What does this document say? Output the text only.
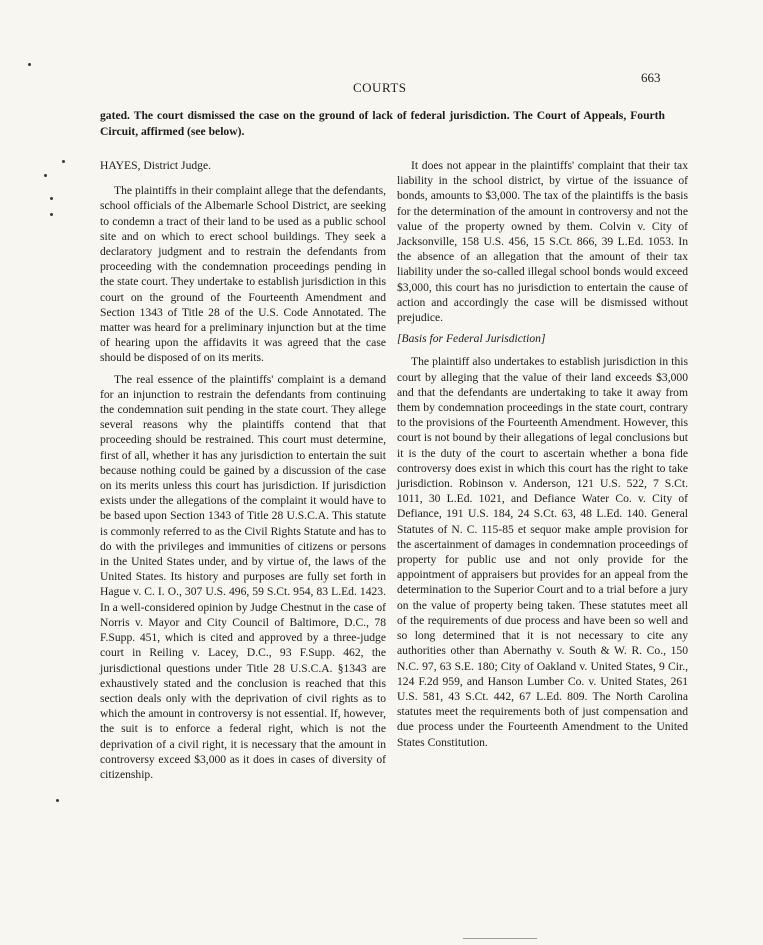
COURTS
663

gated. The court dismissed the case on the ground of lack of federal jurisdiction. The Court of Appeals, Fourth Circuit, affirmed (see below).

HAYES, District Judge.

The plaintiffs in their complaint allege that the defendants, school officials of the Albemarle School District, are seeking to condemn a tract of their land to be used as a public school site and on which to erect school buildings. They seek a declaratory judgment and to restrain the defendants from proceeding with the condemnation proceedings pending in the state court. They undertake to establish jurisdiction in this court on the ground of the Fourteenth Amendment and Section 1343 of Title 28 of the U.S. Code Annotated. The matter was heard for a preliminary injunction but at the time of hearing upon the affidavits it was agreed that the case should be disposed of on its merits.

The real essence of the plaintiffs' complaint is a demand for an injunction to restrain the defendants from continuing the condemnation suit pending in the state court. They allege several reasons why the plaintiffs contend that that proceeding should be restrained. This court must determine, first of all, whether it has any jurisdiction to entertain the suit because nothing could be gained by a discussion of the case on its merits unless this court has jurisdiction. If jurisdiction exists under the allegations of the complaint it would have to be based upon Section 1343 of Title 28 U.S.C.A. This statute is commonly referred to as the Civil Rights Statute and has to do with the privileges and immunities of citizens or persons in the United States under, and by virtue of, the laws of the United States. Its history and purposes are fully set forth in Hague v. C. I. O., 307 U.S. 496, 59 S.Ct. 954, 83 L.Ed. 1423. In a well-considered opinion by Judge Chestnut in the case of Norris v. Mayor and City Council of Baltimore, D.C., 78 F.Supp. 451, which is cited and approved by a three-judge court in Reiling v. Lacey, D.C., 93 F.Supp. 462, the jurisdictional questions under Title 28 U.S.C.A. §1343 are exhaustively stated and the conclusion is reached that this section deals only with the deprivation of civil rights as to which the amount in controversy is not essential. If, however, the suit is to enforce a federal right, which is not the deprivation of a civil right, it is necessary that the amount in controversy exceed $3,000 as it does in cases of diversity of citizenship.

It does not appear in the plaintiffs' complaint that their tax liability in the school district, by virtue of the issuance of bonds, amounts to $3,000. The tax of the plaintiffs is the basis for the determination of the amount in controversy and not the value of the property owned by them. Colvin v. City of Jacksonville, 158 U.S. 456, 15 S.Ct. 866, 39 L.Ed. 1053. In the absence of an allegation that the amount of their tax liability under the so-called illegal school bonds would exceed $3,000, this court has no jurisdiction to entertain the cause of action and accordingly the case will be dismissed without prejudice.

[Basis for Federal Jurisdiction]

The plaintiff also undertakes to establish jurisdiction in this court by alleging that the value of their land exceeds $3,000 and that the defendants are undertaking to take it away from them by condemnation proceedings in the state court, contrary to the provisions of the Fourteenth Amendment. However, this court is not bound by their allegations of legal conclusions but it is the duty of the court to ascertain whether a bona fide controversy does exist in which this court has the right to take jurisdiction. Robinson v. Anderson, 121 U.S. 522, 7 S.Ct. 1011, 30 L.Ed. 1021, and Defiance Water Co. v. City of Defiance, 191 U.S. 184, 24 S.Ct. 63, 48 L.Ed. 140. General Statutes of N. C. 115-85 et sequor make ample provision for the ascertainment of damages in condemnation proceedings of property for public use and not only provide for the appointment of appraisers but provides for an appeal from the determination to the Superior Court and to a trial before a jury on the value of property being taken. These statutes meet all of the requirements of due process and have been so well and so long determined that it is not necessary to cite any authorities other than Abernathy v. South & W. R. Co., 150 N.C. 97, 63 S.E. 180; City of Oakland v. United States, 9 Cir., 124 F.2d 959, and Hanson Lumber Co. v. United States, 261 U.S. 581, 43 S.Ct. 442, 67 L.Ed. 809. The North Carolina statutes meet the requirements both of just compensation and due process under the Fourteenth Amendment to the United States Constitution.
